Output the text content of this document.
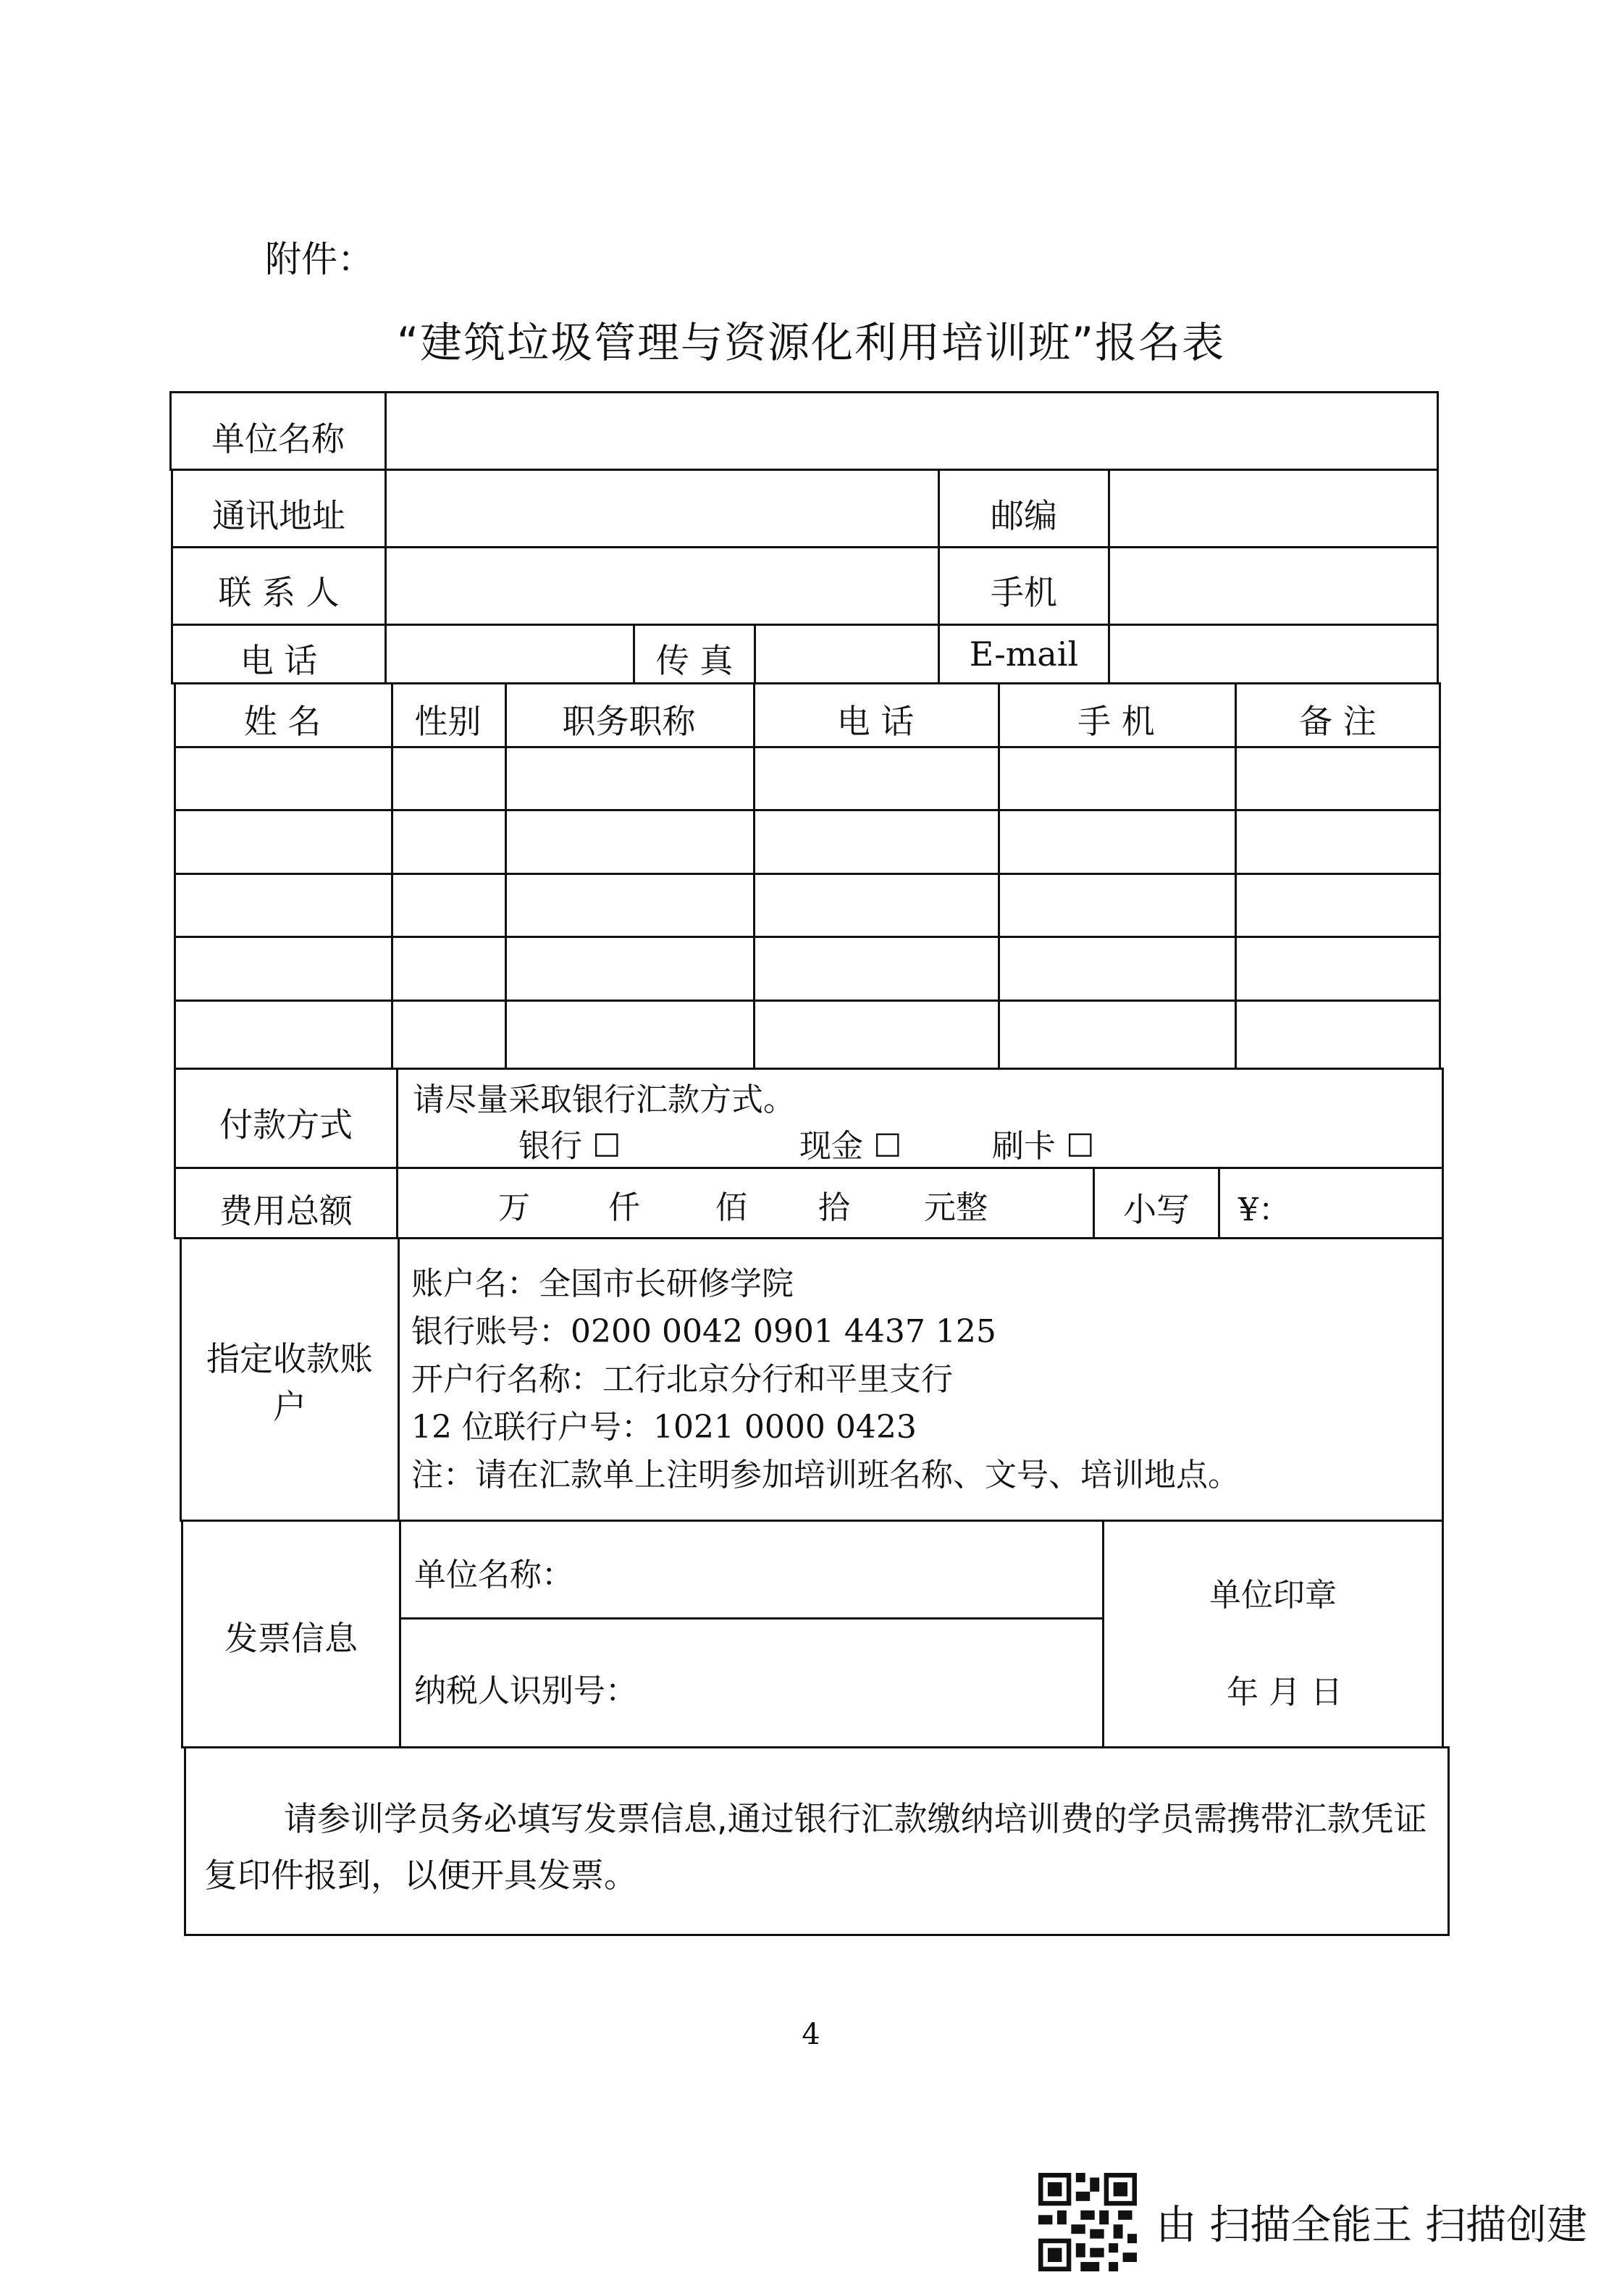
附件：
“建筑垃圾管理与资源化利用培训班”报名表
单位名称
通讯地址	邮编
联 系 人	手机
电 话	传 真	E-mail
姓 名	性别	职务职称	电 话	手 机	备 注
付款方式
请尽量采取银行汇款方式。
银行 ☐	现金 ☐	刷卡 ☐
费用总额	万 仟 佰 拾 元整	小写	¥：
指定收款账
户
账户名：全国市长研修学院
银行账号：0200 0042 0901 4437 125
开户行名称：工行北京分行和平里支行
12 位联行户号：1021 0000 0423
注：请在汇款单上注明参加培训班名称、文号、培训地点。
发票信息
单位名称：
纳税人识别号：
单位印章
年 月 日
请参训学员务必填写发票信息,通过银行汇款缴纳培训费的学员需携带汇款凭证复印件报到，以便开具发票。
4
由 扫描全能王 扫描创建
